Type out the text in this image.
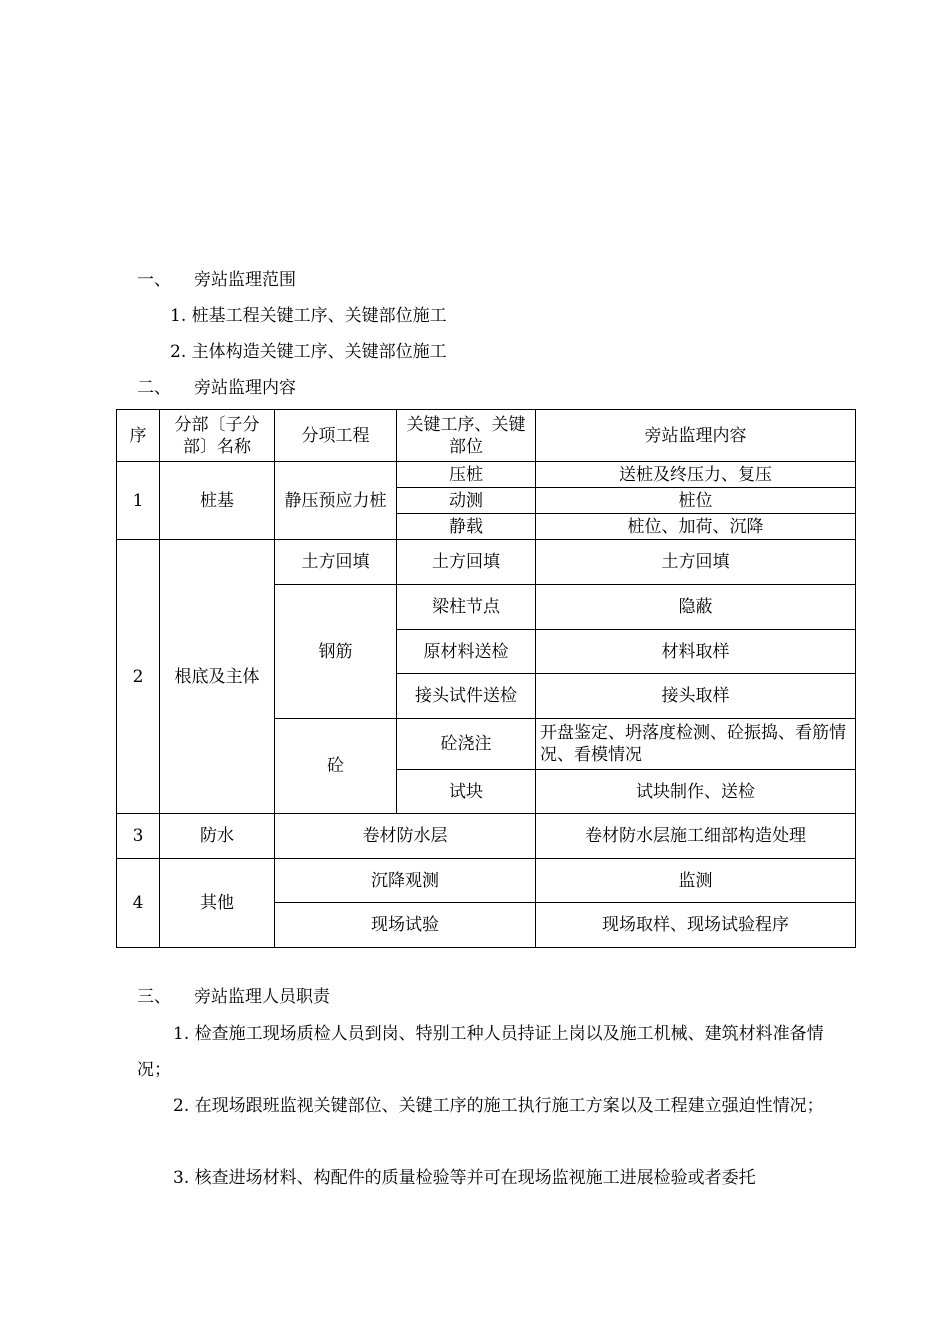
一、 旁站监理范围
1. 桩基工程关键工序、关键部位施工
2. 主体构造关键工序、关键部位施工
二、 旁站监理内容
序	分部〔子分部〕名称	分项工程	关键工序、关键部位	旁站监理内容
1	桩基	静压预应力桩	压桩	送桩及终压力、复压
			动测	桩位
			静载	桩位、加荷、沉降
2	根底及主体	土方回填	土方回填	土方回填
		钢筋	梁柱节点	隐蔽
			原材料送检	材料取样
			接头试件送检	接头取样
		砼	砼浇注	开盘鉴定、坍落度检测、砼振捣、看筋情况、看模情况
			试块	试块制作、送检
3	防水	卷材防水层		卷材防水层施工细部构造处理
4	其他	沉降观测		监测
		现场试验		现场取样、现场试验程序
三、 旁站监理人员职责
1. 检查施工现场质检人员到岗、特别工种人员持证上岗以及施工机械、建筑材料准备情况；
2. 在现场跟班监视关键部位、关键工序的施工执行施工方案以及工程建立强迫性情况；
3. 核查进场材料、构配件的质量检验等并可在现场监视施工进展检验或者委托
